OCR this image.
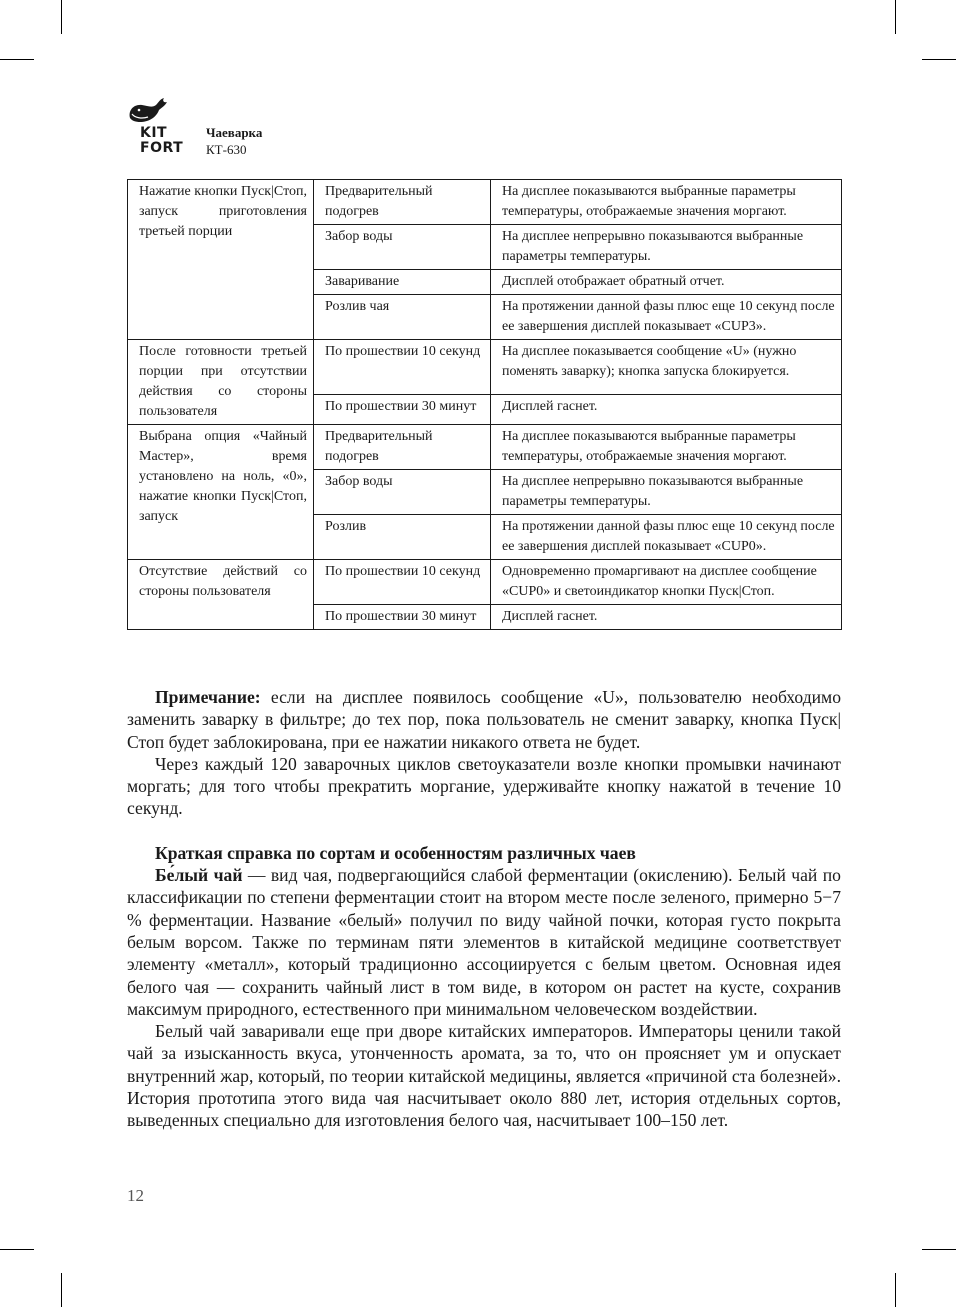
KIT
FORT
Чаеварка
КТ-630
Нажатие кнопки Пуск|Стоп, запуск приготовления третьей порции	Предварительный подогрев	На дисплее показываются выбранные параметры температуры, отображаемые значения моргают.
	Забор воды	На дисплее непрерывно показываются выбранные параметры температуры.
	Заваривание	Дисплей отображает обратный отчет.
	Розлив чая	На протяжении данной фазы плюс еще 10 секунд после ее завершения дисплей показывает «CUP3».
После готовности третьей порции при отсутствии действия со стороны пользователя	По прошествии 10 секунд	На дисплее показывается сообщение «U» (нужно поменять заварку); кнопка запуска блокируется.
	По прошествии 30 минут	Дисплей гаснет.
Выбрана опция «Чайный Мастер», время установлено на ноль, «0», нажатие кнопки Пуск|Стоп, запуск	Предварительный подогрев	На дисплее показываются выбранные параметры температуры, отображаемые значения моргают.
	Забор воды	На дисплее непрерывно показываются выбранные параметры температуры.
	Розлив	На протяжении данной фазы плюс еще 10 секунд после ее завершения дисплей показывает «CUP0».
Отсутствие действий со стороны пользователя	По прошествии 10 секунд	Одновременно промаргивают на дисплее сообщение «CUP0» и светоиндикатор кнопки Пуск|Стоп.
	По прошествии 30 минут	Дисплей гаснет.

Примечание: если на дисплее появилось сообщение «U», пользователю необходимо заменить заварку в фильтре; до тех пор, пока пользователь не сменит заварку, кнопка Пуск|Стоп будет заблокирована, при ее нажатии никакого ответа не будет.

Через каждый 120 заварочных циклов светоуказатели возле кнопки промывки начинают моргать; для того чтобы прекратить моргание, удерживайте кнопку нажатой в течение 10 секунд.

Краткая справка по сортам и особенностям различных чаев

Бе́лый чай — вид чая, подвергающийся слабой ферментации (окислению). Белый чай по классификации по степени ферментации стоит на втором месте после зеленого, примерно 5−7 % ферментации. Название «белый» получил по виду чайной почки, которая густо покрыта белым ворсом. Также по терминам пяти элементов в китайской медицине соответствует элементу «металл», который традиционно ассоциируется с белым цветом. Основная идея белого чая — сохранить чайный лист в том виде, в котором он растет на кусте, сохранив максимум природного, естественного при минимальном человеческом воздействии.

Белый чай заваривали еще при дворе китайских императоров. Императоры ценили такой чай за изысканность вкуса, утонченность аромата, за то, что он проясняет ум и опускает внутренний жар, который, по теории китайской медицины, является «причиной ста болезней». История прототипа этого вида чая насчитывает около 880 лет, история отдельных сортов, выведенных специально для изготовления белого чая, насчитывает 100–150 лет.

12
